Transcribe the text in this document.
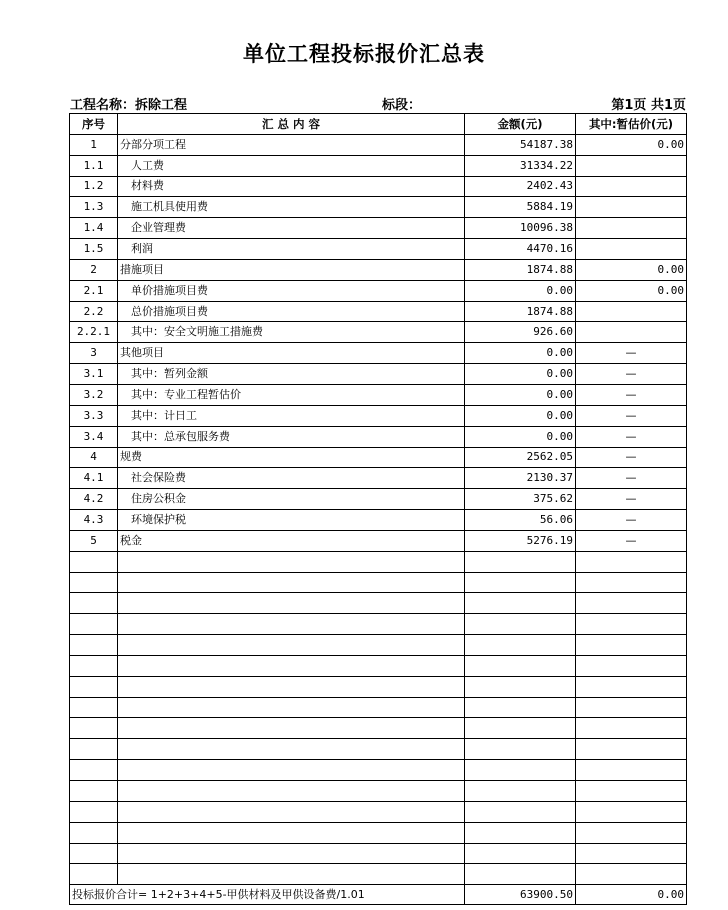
单位工程投标报价汇总表
工程名称：拆除工程	标段：	第1页 共1页
序号	汇 总 内 容	金额(元)	其中:暂估价(元)
1	分部分项工程	54187.38	0.00
1.1	人工费	31334.22	
1.2	材料费	2402.43	
1.3	施工机具使用费	5884.19	
1.4	企业管理费	10096.38	
1.5	利润	4470.16	
2	措施项目	1874.88	0.00
2.1	单价措施项目费	0.00	0.00
2.2	总价措施项目费	1874.88	
2.2.1	其中：安全文明施工措施费	926.60	
3	其他项目	0.00	—
3.1	其中：暂列金额	0.00	—
3.2	其中：专业工程暂估价	0.00	—
3.3	其中：计日工	0.00	—
3.4	其中：总承包服务费	0.00	—
4	规费	2562.05	—
4.1	社会保险费	2130.37	—
4.2	住房公积金	375.62	—
4.3	环境保护税	56.06	—
5	税金	5276.19	—

投标报价合计= 1+2+3+4+5-甲供材料及甲供设备费/1.01		63900.50	0.00
